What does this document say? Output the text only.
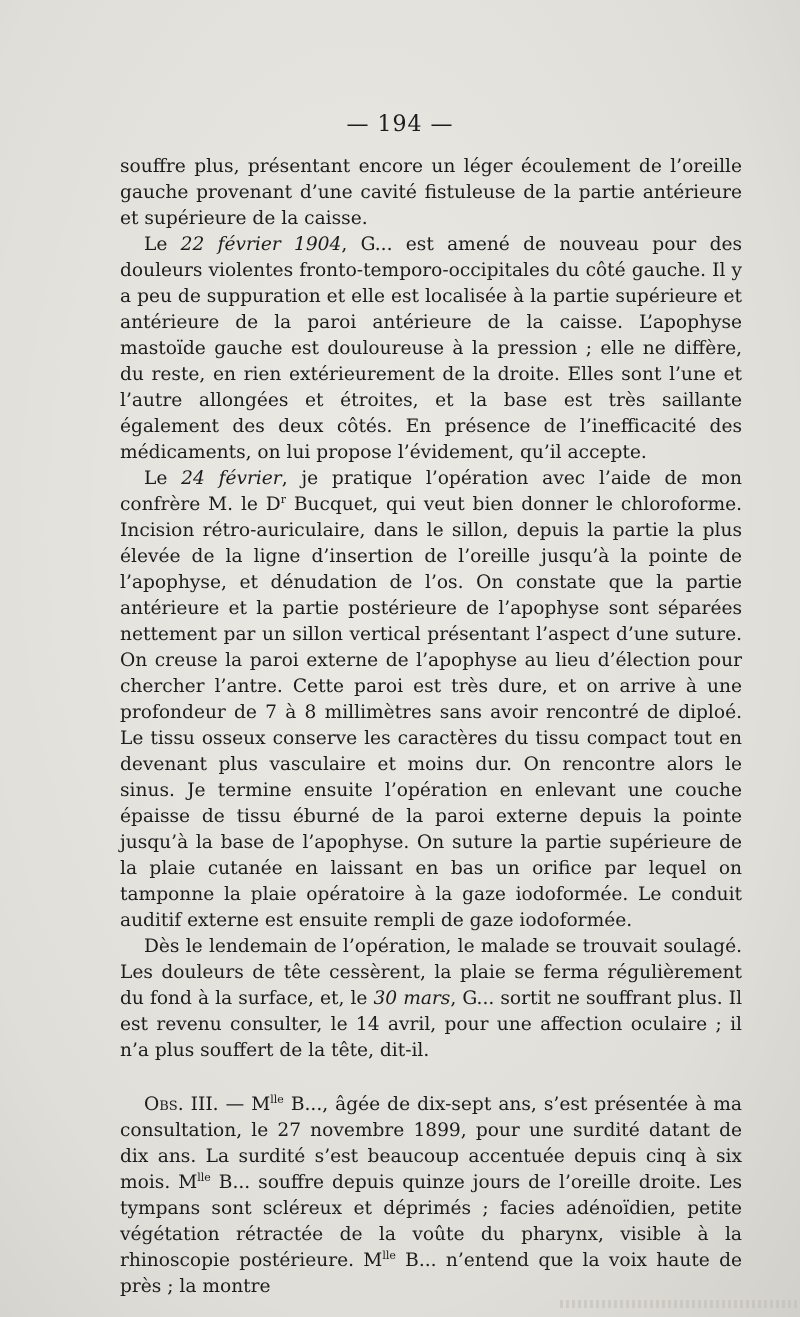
— 194 —

souffre plus, présentant encore un léger écoulement de l’oreille gauche provenant d’une cavité fistuleuse de la partie antérieure et supérieure de la caisse.

Le 22 février 1904, G... est amené de nouveau pour des douleurs violentes fronto-temporo-occipitales du côté gauche. Il y a peu de suppuration et elle est localisée à la partie supérieure et antérieure de la paroi antérieure de la caisse. L’apophyse mastoïde gauche est douloureuse à la pression ; elle ne diffère, du reste, en rien extérieurement de la droite. Elles sont l’une et l’autre allongées et étroites, et la base est très saillante également des deux côtés. En présence de l’inefficacité des médicaments, on lui propose l’évidement, qu’il accepte.

Le 24 février, je pratique l’opération avec l’aide de mon confrère M. le $D^r$ Bucquet, qui veut bien donner le chloroforme. Incision rétro-auriculaire, dans le sillon, depuis la partie la plus élevée de la ligne d’insertion de l’oreille jusqu’à la pointe de l’apophyse, et dénudation de l’os. On constate que la partie antérieure et la partie postérieure de l’apophyse sont séparées nettement par un sillon vertical présentant l’aspect d’une suture. On creuse la paroi externe de l’apophyse au lieu d’élection pour chercher l’antre. Cette paroi est très dure, et on arrive à une profondeur de 7 à 8 millimètres sans avoir rencontré de diploé. Le tissu osseux conserve les caractères du tissu compact tout en devenant plus vasculaire et moins dur. On rencontre alors le sinus. Je termine ensuite l’opération en enlevant une couche épaisse de tissu éburné de la paroi externe depuis la pointe jusqu’à la base de l’apophyse. On suture la partie supérieure de la plaie cutanée en laissant en bas un orifice par lequel on tamponne la plaie opératoire à la gaze iodoformée. Le conduit auditif externe est ensuite rempli de gaze iodoformée.

Dès le lendemain de l’opération, le malade se trouvait soulagé. Les douleurs de tête cessèrent, la plaie se ferma régulièrement du fond à la surface, et, le 30 mars, G... sortit ne souffrant plus. Il est revenu consulter, le 14 avril, pour une affection oculaire ; il n’a plus souffert de la tête, dit-il.

Obs. III. — $M^{lle}$ B..., âgée de dix-sept ans, s’est présentée à ma consultation, le 27 novembre 1899, pour une surdité datant de dix ans. La surdité s’est beaucoup accentuée depuis cinq à six mois. $M^{lle}$ B... souffre depuis quinze jours de l’oreille droite. Les tympans sont scléreux et déprimés ; facies adénoïdien, petite végétation rétractée de la voûte du pharynx, visible à la rhinoscopie postérieure. $M^{lle}$ B... n’entend que la voix haute de près ; la montre
